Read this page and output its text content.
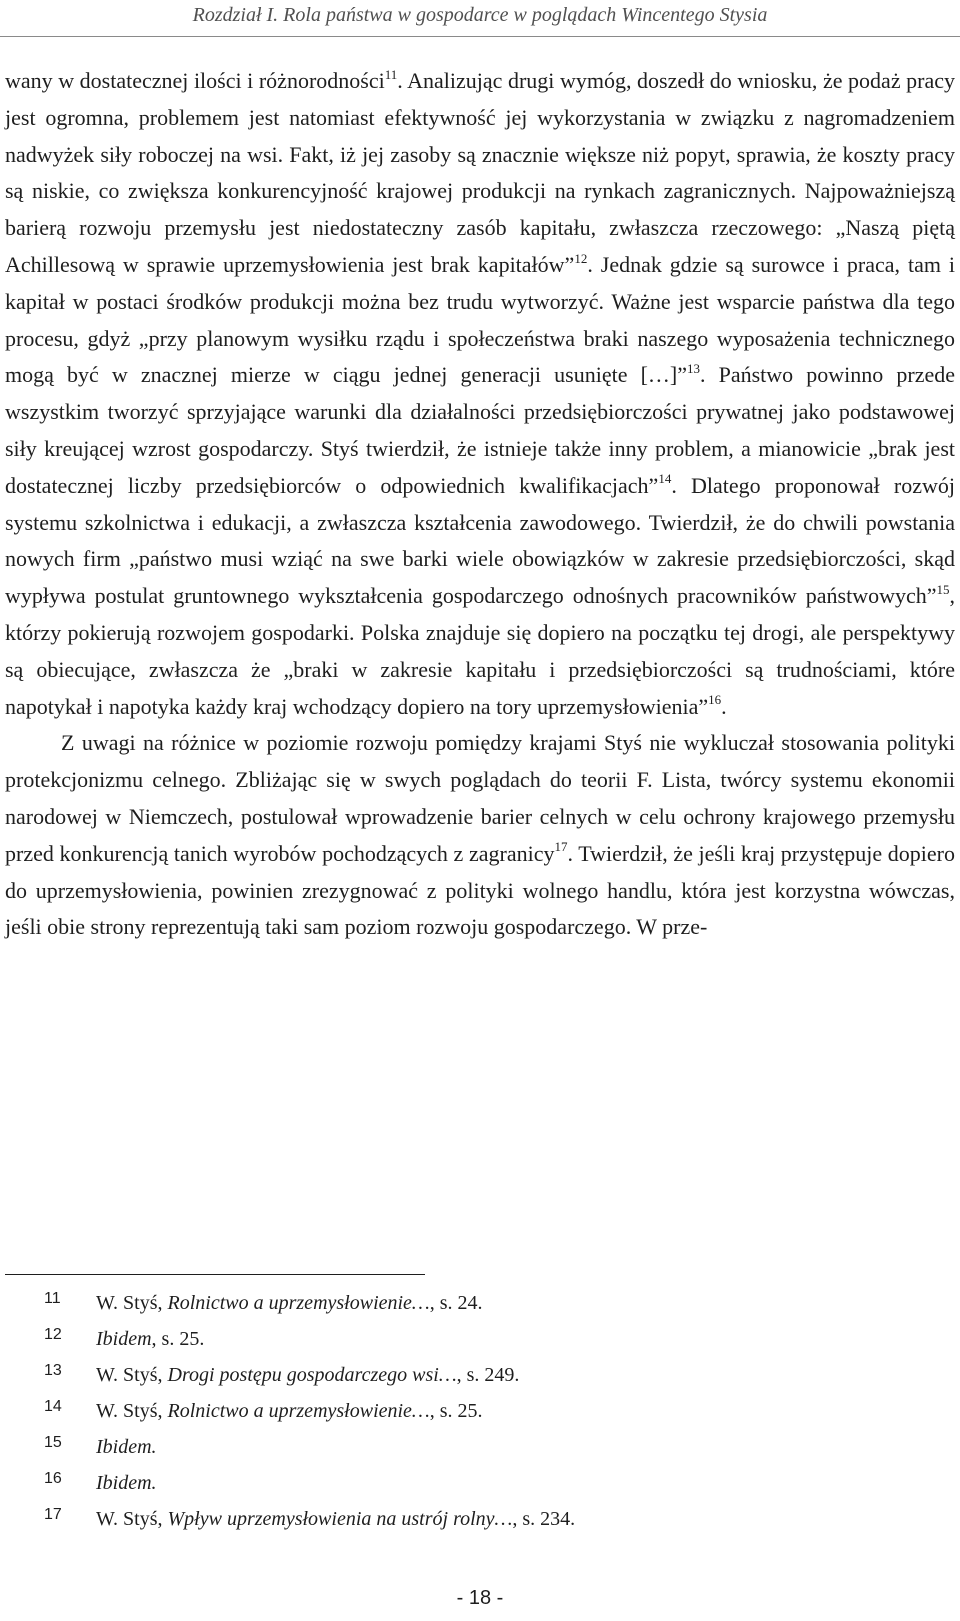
Rozdział I. Rola państwa w gospodarce w poglądach Wincentego Stysia

wany w dostatecznej ilości i różnorodności$^{11}$. Analizując drugi wymóg, doszedł do wniosku, że podaż pracy jest ogromna, problemem jest natomiast efektywność jej wykorzystania w związku z nagromadzeniem nadwyżek siły roboczej na wsi. Fakt, iż jej zasoby są znacznie większe niż popyt, sprawia, że koszty pracy są niskie, co zwiększa konkurencyjność krajowej produkcji na rynkach zagranicznych. Najpoważniejszą barierą rozwoju przemysłu jest niedostateczny zasób kapitału, zwłaszcza rzeczowego: „Naszą piętą Achillesową w sprawie uprzemysłowienia jest brak kapitałów”$^{12}$. Jednak gdzie są surowce i praca, tam i kapitał w postaci środków produkcji można bez trudu wytworzyć. Ważne jest wsparcie państwa dla tego procesu, gdyż „przy planowym wysiłku rządu i społeczeństwa braki naszego wyposażenia technicznego mogą być w znacznej mierze w ciągu jednej generacji usunięte […]”$^{13}$. Państwo powinno przede wszystkim tworzyć sprzyjające warunki dla działalności przedsiębiorczości prywatnej jako podstawowej siły kreującej wzrost gospodarczy. Styś twierdził, że istnieje także inny problem, a mianowicie „brak jest dostatecznej liczby przedsiębiorców o odpowiednich kwalifikacjach”$^{14}$. Dlatego proponował rozwój systemu szkolnictwa i edukacji, a zwłaszcza kształcenia zawodowego. Twierdził, że do chwili powstania nowych firm „państwo musi wziąć na swe barki wiele obowiązków w zakresie przedsiębiorczości, skąd wypływa postulat gruntownego wykształcenia gospodarczego odnośnych pracowników państwowych”$^{15}$, którzy pokierują rozwojem gospodarki. Polska znajduje się dopiero na początku tej drogi, ale perspektywy są obiecujące, zwłaszcza że „braki w zakresie kapitału i przedsiębiorczości są trudnościami, które napotykał i napotyka każdy kraj wchodzący dopiero na tory uprzemysłowienia”$^{16}$.

Z uwagi na różnice w poziomie rozwoju pomiędzy krajami Styś nie wykluczał stosowania polityki protekcjonizmu celnego. Zbliżając się w swych poglądach do teorii F. Lista, twórcy systemu ekonomii narodowej w Niemczech, postulował wprowadzenie barier celnych w celu ochrony krajowego przemysłu przed konkurencją tanich wyrobów pochodzących z zagranicy$^{17}$. Twierdził, że jeśli kraj przystępuje dopiero do uprzemysłowienia, powinien zrezygnować z polityki wolnego handlu, która jest korzystna wówczas, jeśli obie strony reprezentują taki sam poziom rozwoju gospodarczego. W prze-

11 W. Styś, Rolnictwo a uprzemysłowienie…, s. 24.
12 Ibidem, s. 25.
13 W. Styś, Drogi postępu gospodarczego wsi…, s. 249.
14 W. Styś, Rolnictwo a uprzemysłowienie…, s. 25.
15 Ibidem.
16 Ibidem.
17 W. Styś, Wpływ uprzemysłowienia na ustrój rolny…, s. 234.
- 18 -
